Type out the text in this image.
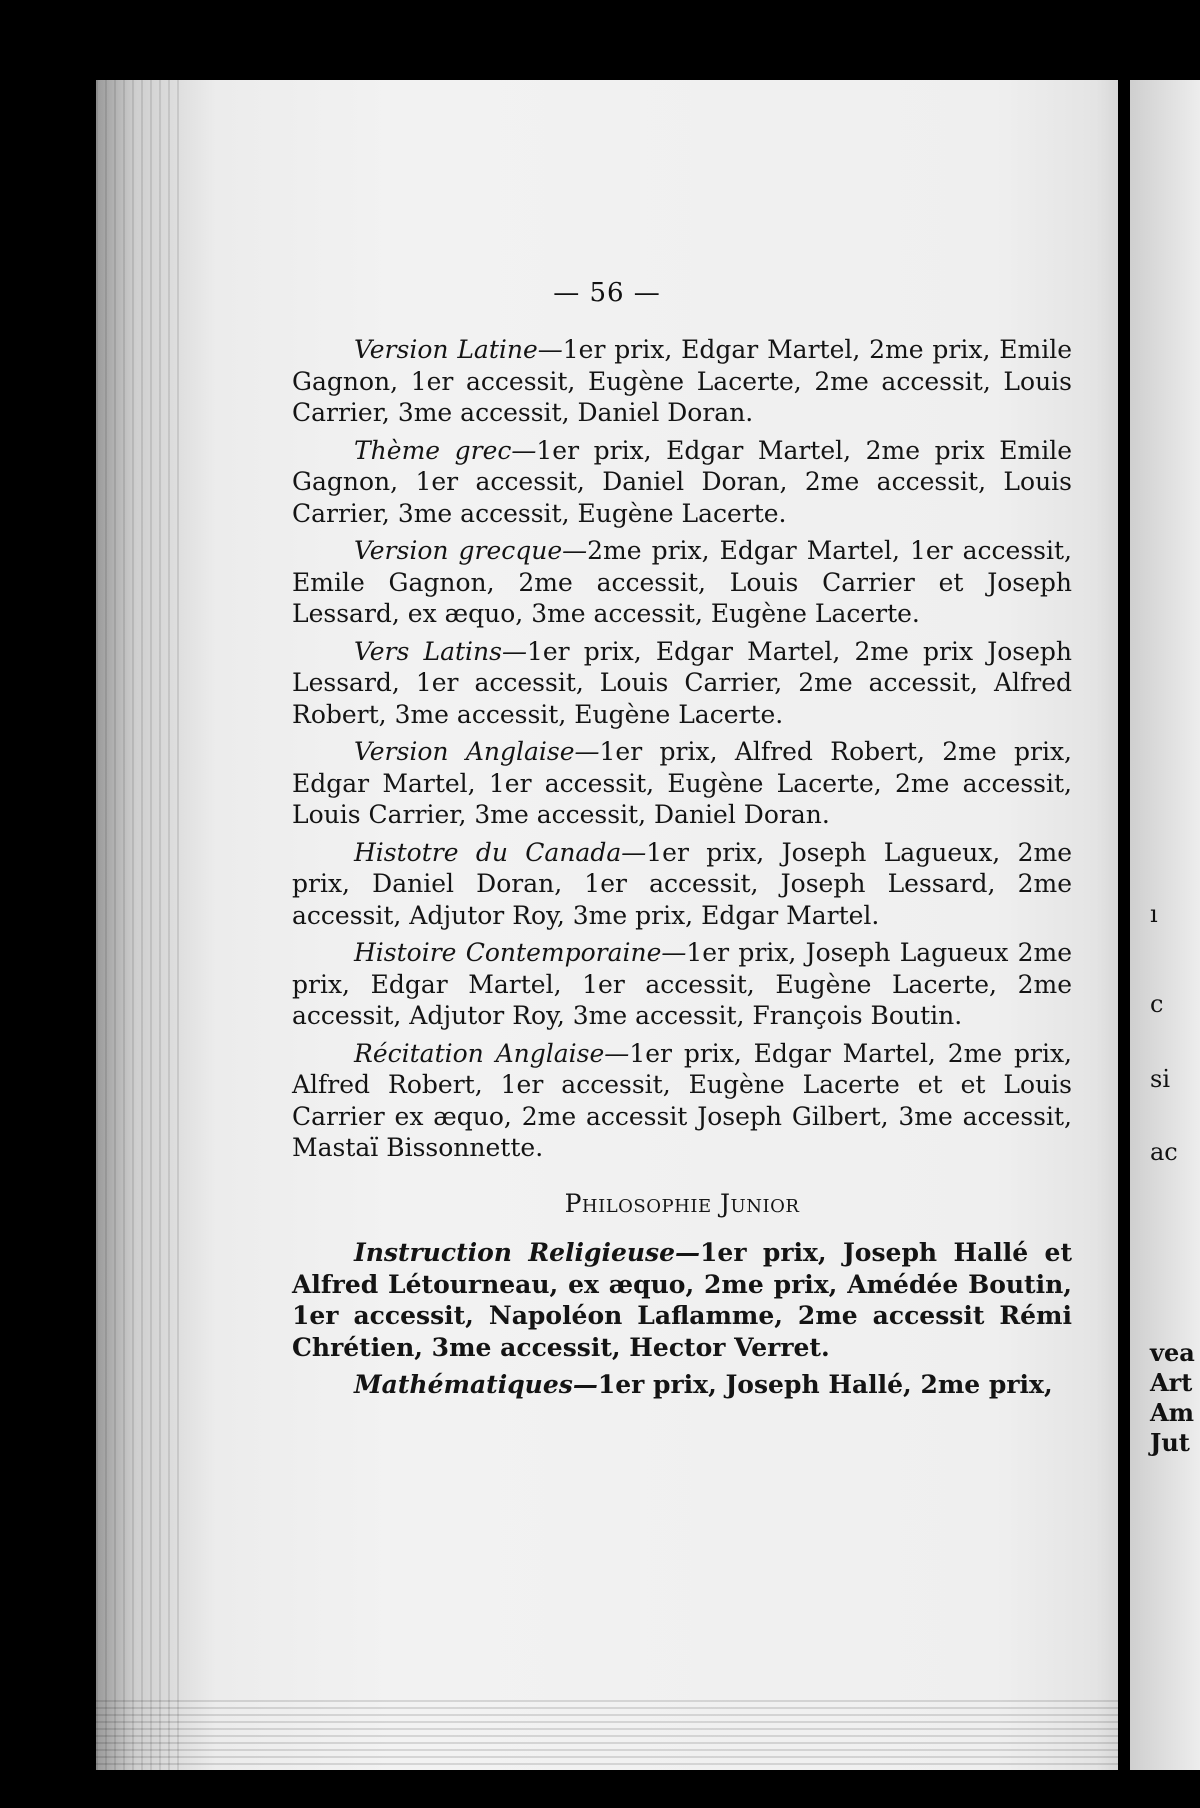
— 56 —

Version Latine—1er prix, Edgar Martel, 2me prix, Emile Gagnon, 1er accessit, Eugène Lacerte, 2me accessit, Louis Carrier, 3me accessit, Daniel Doran.

Thème grec—1er prix, Edgar Martel, 2me prix Emile Gagnon, 1er accessit, Daniel Doran, 2me accessit, Louis Carrier, 3me accessit, Eugène Lacerte.

Version grecque—2me prix, Edgar Martel, 1er accessit, Emile Gagnon, 2me accessit, Louis Carrier et Joseph Lessard, ex æquo, 3me accessit, Eugène Lacerte.

Vers Latins—1er prix, Edgar Martel, 2me prix Joseph Lessard, 1er accessit, Louis Carrier, 2me accessit, Alfred Robert, 3me accessit, Eugène Lacerte.

Version Anglaise—1er prix, Alfred Robert, 2me prix, Edgar Martel, 1er accessit, Eugène Lacerte, 2me accessit, Louis Carrier, 3me accessit, Daniel Doran.

Histotre du Canada—1er prix, Joseph Lagueux, 2me prix, Daniel Doran, 1er accessit, Joseph Lessard, 2me accessit, Adjutor Roy, 3me prix, Edgar Martel.

Histoire Contemporaine—1er prix, Joseph Lagueux 2me prix, Edgar Martel, 1er accessit, Eugène Lacerte, 2me accessit, Adjutor Roy, 3me accessit, François Boutin.

Récitation Anglaise—1er prix, Edgar Martel, 2me prix, Alfred Robert, 1er accessit, Eugène Lacerte et et Louis Carrier ex æquo, 2me accessit Joseph Gilbert, 3me accessit, Mastaï Bissonnette.

Philosophie Junior

Instruction Religieuse—1er prix, Joseph Hallé et Alfred Létourneau, ex æquo, 2me prix, Amédée Boutin, 1er accessit, Napoléon Laflamme, 2me accessit Rémi Chrétien, 3me accessit, Hector Verret.

Mathématiques—1er prix, Joseph Hallé, 2me prix,

ı
c
si
ac
vea
Art
Am
Jut
